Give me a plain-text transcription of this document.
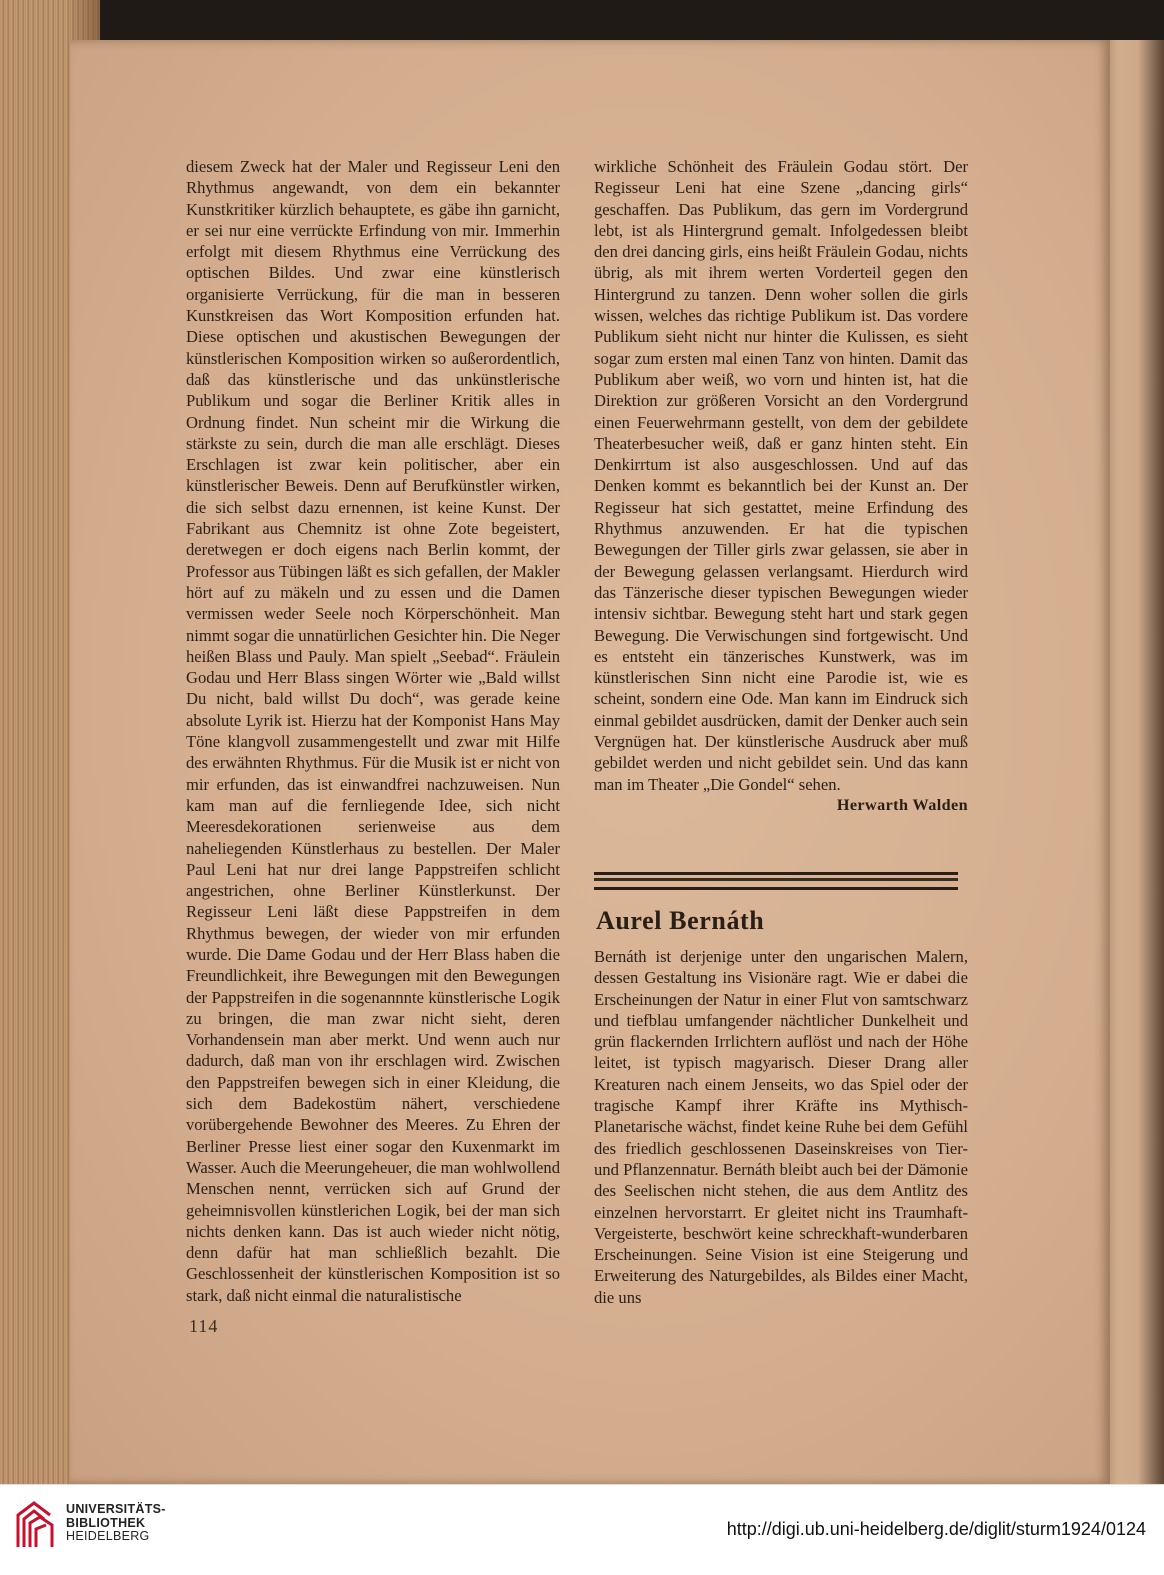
diesem Zweck hat der Maler und Regisseur Leni den Rhythmus angewandt, von dem ein bekannter Kunstkritiker kürzlich behauptete, es gäbe ihn garnicht, er sei nur eine verrückte Erfindung von mir. Immerhin erfolgt mit diesem Rhythmus eine Verrückung des optischen Bildes. Und zwar eine künstlerisch organisierte Verrückung, für die man in besseren Kunstkreisen das Wort Komposition erfunden hat. Diese optischen und akustischen Bewegungen der künstlerischen Komposition wirken so außerordentlich, daß das künstlerische und das unkünstlerische Publikum und sogar die Berliner Kritik alles in Ordnung findet. Nun scheint mir die Wirkung die stärkste zu sein, durch die man alle erschlägt. Dieses Erschlagen ist zwar kein politischer, aber ein künstlerischer Beweis. Denn auf Berufkünstler wirken, die sich selbst dazu ernennen, ist keine Kunst. Der Fabrikant aus Chemnitz ist ohne Zote begeistert, deretwegen er doch eigens nach Berlin kommt, der Professor aus Tübingen läßt es sich gefallen, der Makler hört auf zu mäkeln und zu essen und die Damen vermissen weder Seele noch Körperschönheit. Man nimmt sogar die unnatürlichen Gesichter hin. Die Neger heißen Blass und Pauly. Man spielt „Seebad“. Fräulein Godau und Herr Blass singen Wörter wie „Bald willst Du nicht, bald willst Du doch“, was gerade keine absolute Lyrik ist. Hierzu hat der Komponist Hans May Töne klangvoll zusammengestellt und zwar mit Hilfe des erwähnten Rhythmus. Für die Musik ist er nicht von mir erfunden, das ist einwandfrei nachzuweisen. Nun kam man auf die fernliegende Idee, sich nicht Meeresdekorationen serienweise aus dem naheliegenden Künstlerhaus zu bestellen. Der Maler Paul Leni hat nur drei lange Pappstreifen schlicht angestrichen, ohne Berliner Künstlerkunst. Der Regisseur Leni läßt diese Pappstreifen in dem Rhythmus bewegen, der wieder von mir erfunden wurde. Die Dame Godau und der Herr Blass haben die Freundlichkeit, ihre Bewegungen mit den Bewegungen der Pappstreifen in die sogenannnte künstlerische Logik zu bringen, die man zwar nicht sieht, deren Vorhandensein man aber merkt. Und wenn auch nur dadurch, daß man von ihr erschlagen wird. Zwischen den Pappstreifen bewegen sich in einer Kleidung, die sich dem Badekostüm nähert, verschiedene vorübergehende Bewohner des Meeres. Zu Ehren der Berliner Presse liest einer sogar den Kuxenmarkt im Wasser. Auch die Meerungeheuer, die man wohlwollend Menschen nennt, verrücken sich auf Grund der geheimnisvollen künstlerichen Logik, bei der man sich nichts denken kann. Das ist auch wieder nicht nötig, denn dafür hat man schließlich bezahlt. Die Geschlossenheit der künstlerischen Komposition ist so stark, daß nicht einmal die naturalistische

wirkliche Schönheit des Fräulein Godau stört. Der Regisseur Leni hat eine Szene „dancing girls“ geschaffen. Das Publikum, das gern im Vordergrund lebt, ist als Hintergrund gemalt. Infolgedessen bleibt den drei dancing girls, eins heißt Fräulein Godau, nichts übrig, als mit ihrem werten Vorderteil gegen den Hintergrund zu tanzen. Denn woher sollen die girls wissen, welches das richtige Publikum ist. Das vordere Publikum sieht nicht nur hinter die Kulissen, es sieht sogar zum ersten mal einen Tanz von hinten. Damit das Publikum aber weiß, wo vorn und hinten ist, hat die Direktion zur größeren Vorsicht an den Vordergrund einen Feuerwehrmann gestellt, von dem der gebildete Theaterbesucher weiß, daß er ganz hinten steht. Ein Denkirrtum ist also ausgeschlossen. Und auf das Denken kommt es bekanntlich bei der Kunst an. Der Regisseur hat sich gestattet, meine Erfindung des Rhythmus anzuwenden. Er hat die typischen Bewegungen der Tiller girls zwar gelassen, sie aber in der Bewegung gelassen verlangsamt. Hierdurch wird das Tänzerische dieser typischen Bewegungen wieder intensiv sichtbar. Bewegung steht hart und stark gegen Bewegung. Die Verwischungen sind fortgewischt. Und es entsteht ein tänzerisches Kunstwerk, was im künstlerischen Sinn nicht eine Parodie ist, wie es scheint, sondern eine Ode. Man kann im Eindruck sich einmal gebildet ausdrücken, damit der Denker auch sein Vergnügen hat. Der künstlerische Ausdruck aber muß gebildet werden und nicht gebildet sein. Und das kann man im Theater „Die Gondel“ sehen.

Herwarth Walden

Aurel Bernáth

Bernáth ist derjenige unter den ungarischen Malern, dessen Gestaltung ins Visionäre ragt. Wie er dabei die Erscheinungen der Natur in einer Flut von samtschwarz und tiefblau umfangender nächtlicher Dunkelheit und grün flackernden Irrlichtern auflöst und nach der Höhe leitet, ist typisch magyarisch. Dieser Drang aller Kreaturen nach einem Jenseits, wo das Spiel oder der tragische Kampf ihrer Kräfte ins Mythisch-Planetarische wächst, findet keine Ruhe bei dem Gefühl des friedlich geschlossenen Daseinskreises von Tier- und Pflanzennatur. Bernáth bleibt auch bei der Dämonie des Seelischen nicht stehen, die aus dem Antlitz des einzelnen hervorstarrt. Er gleitet nicht ins Traumhaft-Vergeisterte, beschwört keine schreckhaft-wunderbaren Erscheinungen. Seine Vision ist eine Steigerung und Erweiterung des Naturgebildes, als Bildes einer Macht, die uns

114
UNIVERSITÄTS-
BIBLIOTHEK
HEIDELBERG	http://digi.ub.uni-heidelberg.de/diglit/sturm1924/0124
